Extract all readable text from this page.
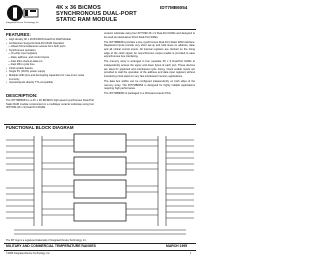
Integrated Device Technology, Inc.
4K x 36 BiCMOS
SYNCHRONOUS DUAL-PORT
STATIC RAM MODULE
IDT7MB6054
FEATURES:
• High density 4K x 36 BiCMOS Dual-Port RAM Module
• Architecture Supports Dual-Port RAM Operation
— Allows full simultaneous access from both ports
• Synchronous operation
— On-chip input registers
— Data, address, and control inputs
— Fast 20ns clock-to-data out
— Fast 28ns cycle time
• Clock enable feature
• Single 5V (±10%) power supply
• Multiple GND pins and decoupling capacitors for max-imum noise immunity
• Inputs/outputs directly TTL-compatible
DESCRIPTION:

The IDT7MB6054 is a 4K x 36 BiCMOS high-speed synchronous Dual-Port Static RAM module constructed on a multilayer ceramic substrate using four IDT7099 (4K x 9) Dual-Port RAMs.

ceramic substrate using four IDT7099 4K x 9 Dual-Port RAMs and designed to be used as stand-alone 36-bit Dual-Port RAMs.

The IDT7MB6054 provides a true synchronous Dual-Port Static RAM interface. Registered inputs provide very short set-up and hold times on address, data, and all critical control inputs. All internal registers are clocked on the rising edge of the clock signal. An asynchronous output enable is provided to ease asynchronous bus interfacing.

The memory array is arranged in four separate 4K x 9 Dual-Port RAMs to independently access the upper and lower bytes of each port. These devices are ideal for pipelined and interleaved cycle timing. Clock enable inputs are provided to stall the operation of the address and data input registers without introducing clock skew for very fast interleaved memory applications.

The data bus widths can be configured independently on both sides of the memory array. The IDT7MB6054 is designed for highly reliable applications requiring high performance.

The IDT7MB6054 is packaged in a 115-lead ceramic PGA.

FUNCTIONAL BLOCK DIAGRAM
The IDT logo is a registered trademark of Integrated Device Technology, Inc.
MILITARY AND COMMERCIAL TEMPERATURE RANGES	MARCH 1995
©1995 Integrated Device Technology, Inc.	1
